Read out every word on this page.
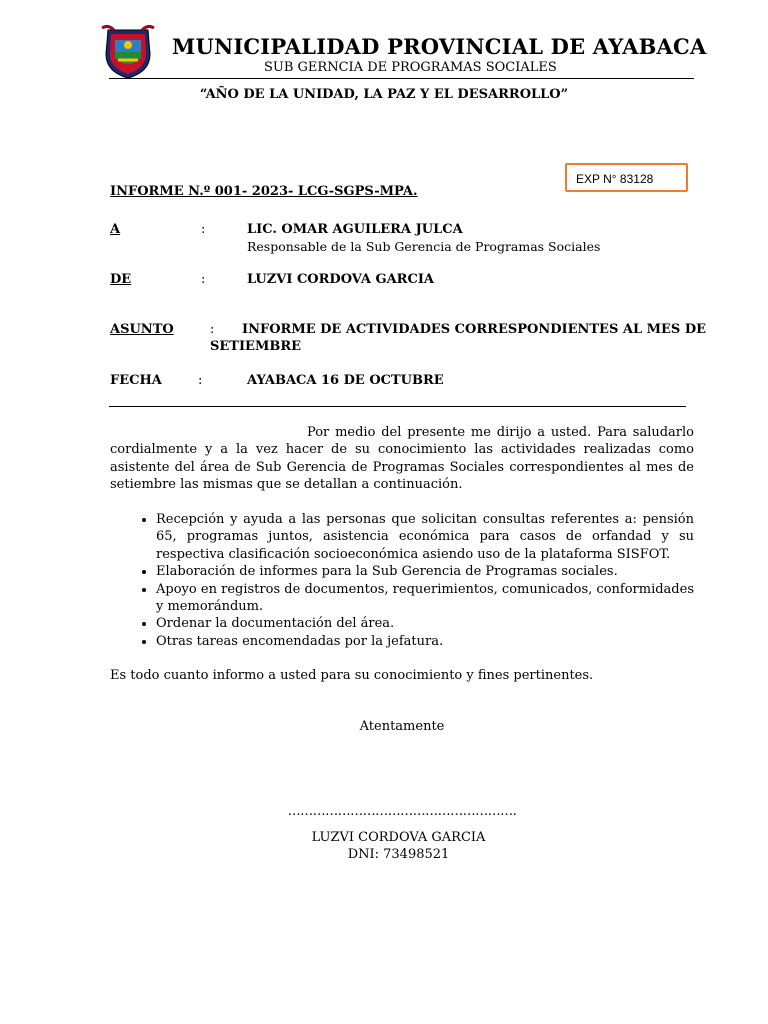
MUNICIPALIDAD PROVINCIAL DE AYABACA
SUB GERNCIA DE PROGRAMAS SOCIALES
“AÑO DE LA UNIDAD, LA PAZ Y EL DESARROLLO”
EXP N° 83128
INFORME N.º 001- 2023- LCG-SGPS-MPA.
A	:	LIC. OMAR AGUILERA JULCA
Responsable de la Sub Gerencia de Programas Sociales
DE	:	LUZVI CORDOVA GARCIA
ASUNTO	: INFORME DE ACTIVIDADES CORRESPONDIENTES AL MES DE
SETIEMBRE
FECHA	:	AYABACA 16 DE OCTUBRE
Por medio del presente me dirijo a usted. Para saludarlo cordialmente y a la vez hacer de su conocimiento las actividades realizadas como asistente del área de Sub Gerencia de Programas Sociales correspondientes al mes de setiembre las mismas que se detallan a continuación.
• Recepción y ayuda a las personas que solicitan consultas referentes a: pensión 65, programas juntos, asistencia económica para casos de orfandad y su respectiva clasificación socioeconómica asiendo uso de la plataforma SISFOT.
• Elaboración de informes para la Sub Gerencia de Programas sociales.
• Apoyo en registros de documentos, requerimientos, comunicados, conformidades y memorándum.
• Ordenar la documentación del área.
• Otras tareas encomendadas por la jefatura.
Es todo cuanto informo a usted para su conocimiento y fines pertinentes.
Atentamente
……………………………………………….
LUZVI CORDOVA GARCIA
DNI: 73498521
